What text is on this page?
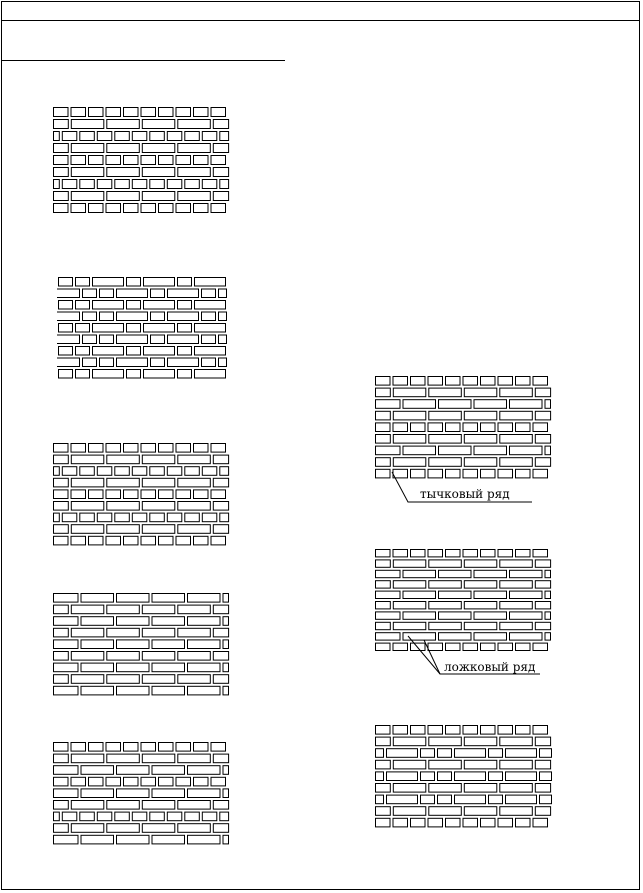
тычковый ряд
ложковый ряд
